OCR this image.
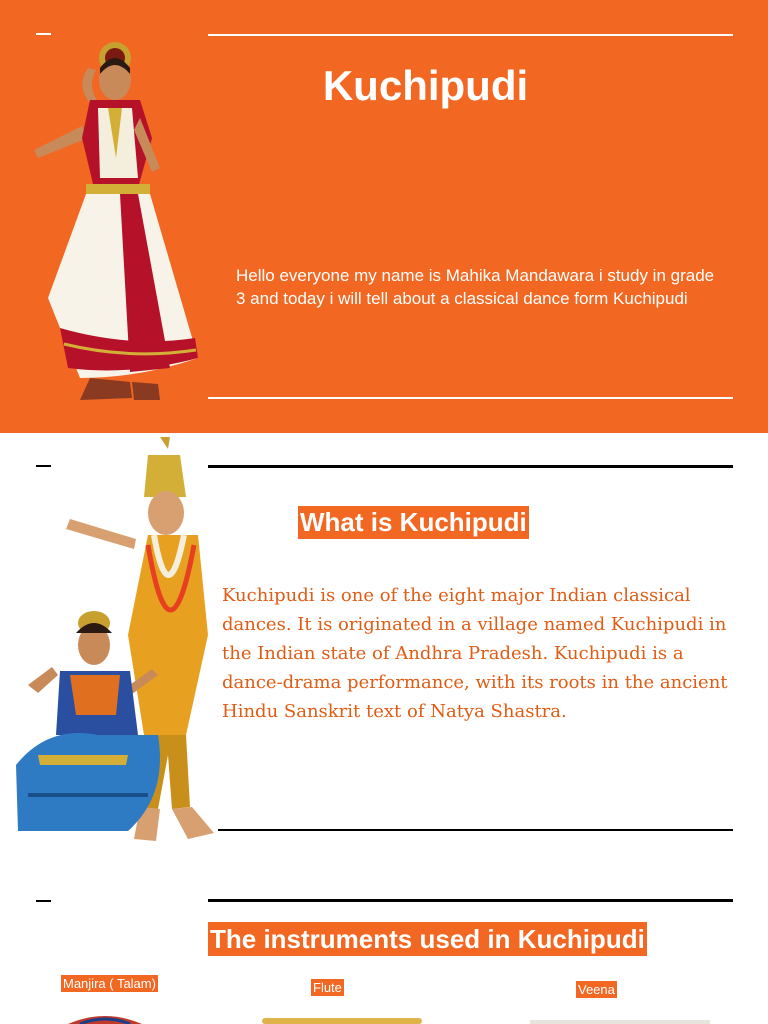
Kuchipudi
Hello everyone my name is Mahika Mandawara i study in grade 3 and today i will tell about a classical dance form Kuchipudi
What is Kuchipudi
Kuchipudi is one of the eight major Indian classical dances. It is originated in a village named Kuchipudi in the Indian state of Andhra Pradesh. Kuchipudi is a dance-drama performance, with its roots in the ancient Hindu Sanskrit text of Natya Shastra.
The instruments used in Kuchipudi
Manjira ( Talam)	Flute	Veena
